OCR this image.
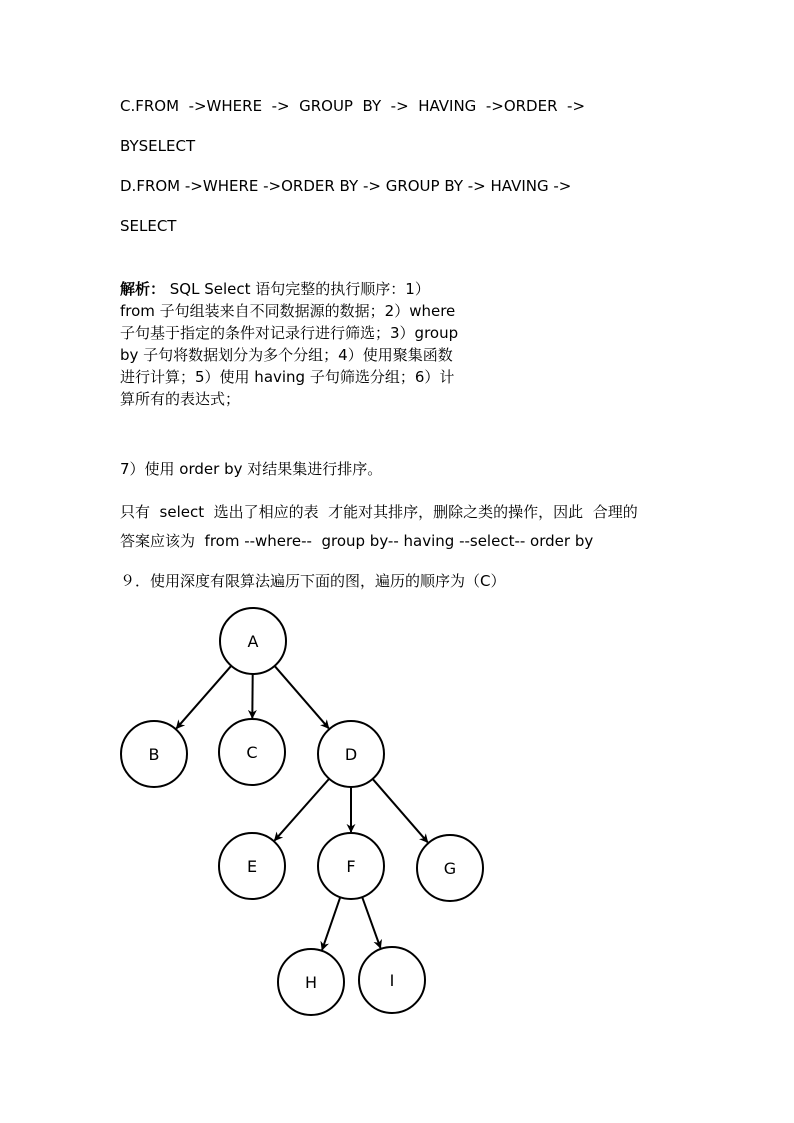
C.FROM  ->WHERE  ->  GROUP  BY  ->  HAVING  ->ORDER  ->

BYSELECT

D.FROM ->WHERE ->ORDER BY -> GROUP BY -> HAVING ->

SELECT

解析： SQL Select 语句完整的执行顺序：1）
from 子句组装来自不同数据源的数据；2）where
子句基于指定的条件对记录行进行筛选；3）group
by 子句将数据划分为多个分组；4）使用聚集函数
进行计算；5）使用 having 子句筛选分组；6）计
算所有的表达式；

7）使用 order by 对结果集进行排序。

只有  select  选出了相应的表  才能对其排序，删除之类的操作，因此  合理的

答案应该为  from --where--  group by-- having --select-- order by

９．使用深度有限算法遍历下面的图，遍历的顺序为（C）

A
B	C	D
E	F	G
H	I
